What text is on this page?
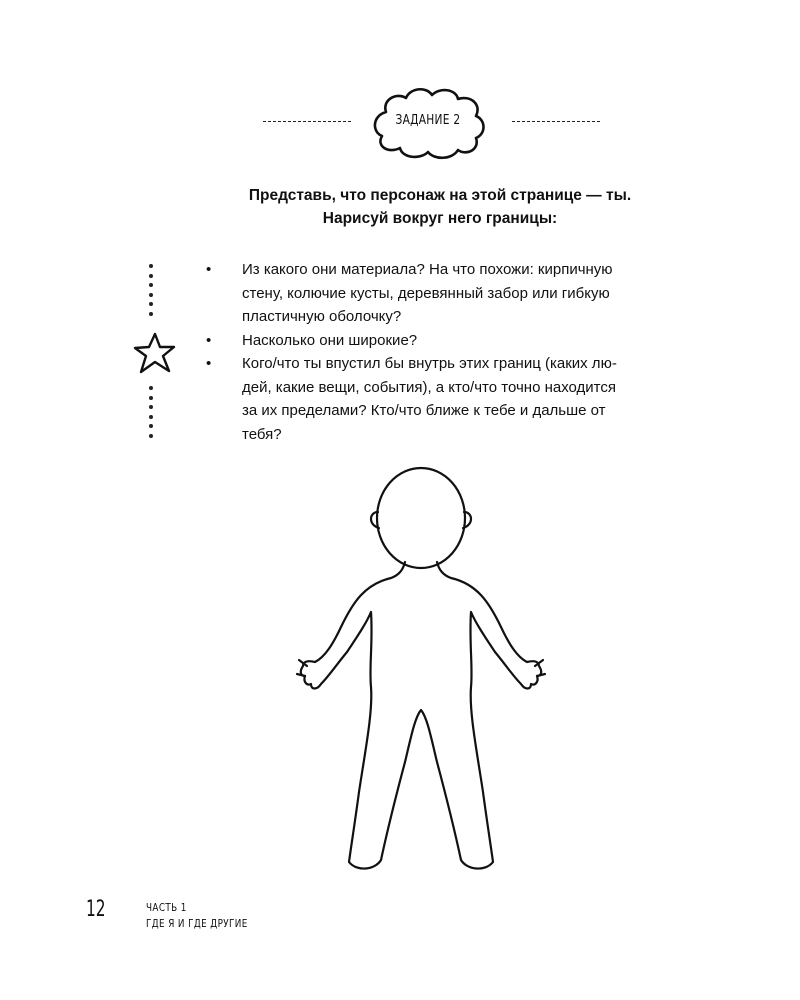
ЗАДАНИЕ 2
Представь, что персонаж на этой странице — ты.
Нарисуй вокруг него границы:
• Из какого они материала? На что похожи: кирпичную
стену, колючие кусты, деревянный забор или гибкую
пластичную оболочку?
• Насколько они широкие?
• Кого/что ты впустил бы внутрь этих границ (каких лю-
дей, какие вещи, события), а кто/что точно находится
за их пределами? Кто/что ближе к тебе и дальше от
тебя?
12	ЧАСТЬ 1
ГДЕ Я И ГДЕ ДРУГИЕ
